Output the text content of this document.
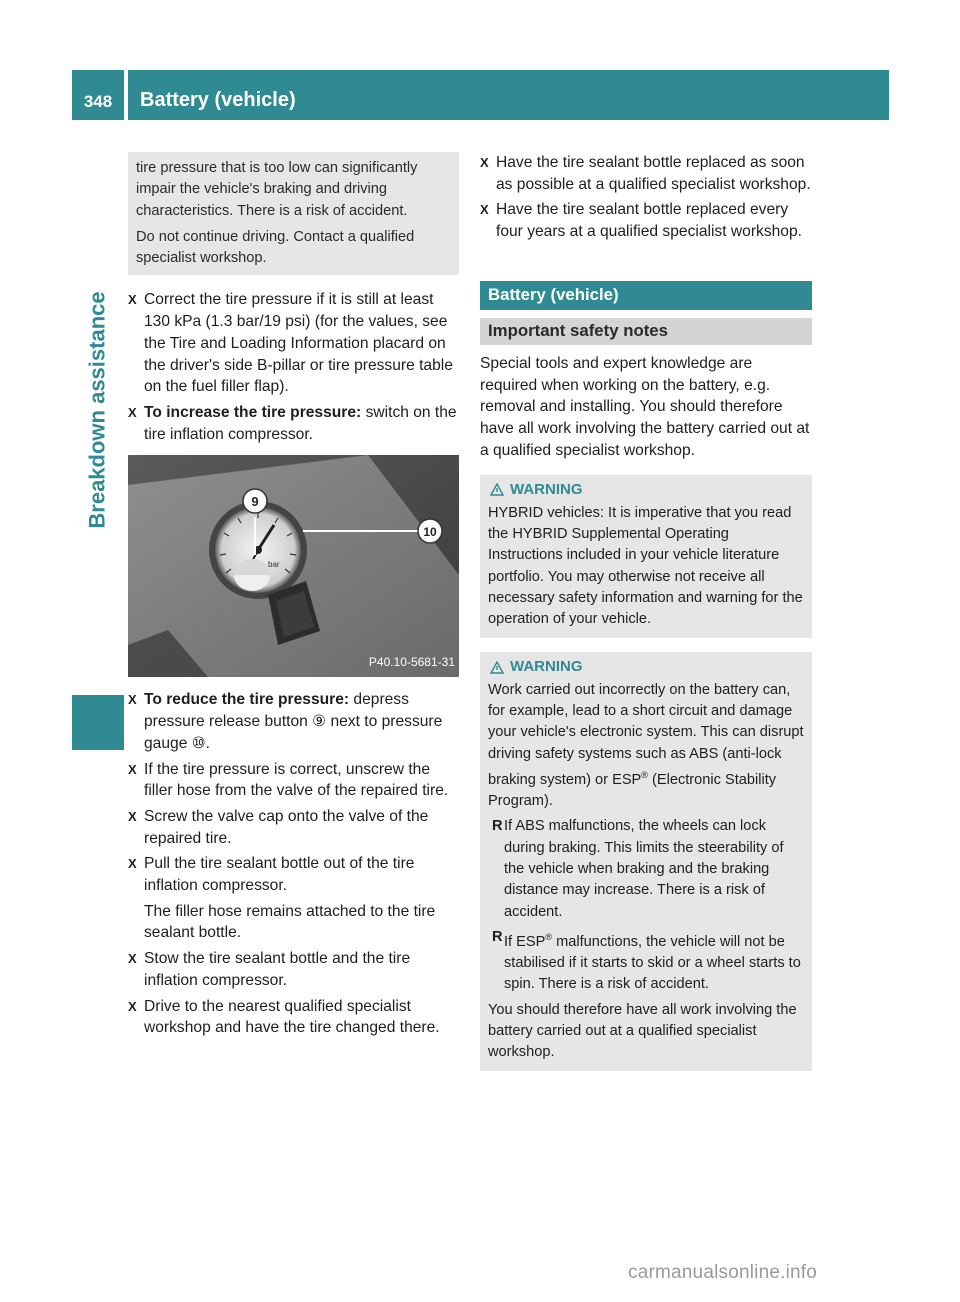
348	Battery (vehicle)
Breakdown assistance

tire pressure that is too low can significantly impair the vehicle's braking and driving characteristics. There is a risk of accident.

Do not continue driving. Contact a qualified specialist workshop.

X Correct the tire pressure if it is still at least 130 kPa (1.3 bar/19 psi) (for the values, see the Tire and Loading Information placard on the driver's side B-pillar or tire pressure table on the fuel filler flap).
X To increase the tire pressure: switch on the tire inflation compressor.
bar
9
10
P40.10-5681-31
X To reduce the tire pressure: depress pressure release button ⑨ next to pressure gauge ⑩.
X If the tire pressure is correct, unscrew the filler hose from the valve of the repaired tire.
X Screw the valve cap onto the valve of the repaired tire.
X Pull the tire sealant bottle out of the tire inflation compressor.
The filler hose remains attached to the tire sealant bottle.
X Stow the tire sealant bottle and the tire inflation compressor.
X Drive to the nearest qualified specialist workshop and have the tire changed there.
X Have the tire sealant bottle replaced as soon as possible at a qualified specialist workshop.
X Have the tire sealant bottle replaced every four years at a qualified specialist workshop.
Battery (vehicle)
Important safety notes

Special tools and expert knowledge are required when working on the battery, e.g. removal and installing. You should therefore have all work involving the battery carried out at a qualified specialist workshop.

WARNING

HYBRID vehicles: It is imperative that you read the HYBRID Supplemental Operating Instructions included in your vehicle literature portfolio. You may otherwise not receive all necessary safety information and warning for the operation of your vehicle.

WARNING

Work carried out incorrectly on the battery can, for example, lead to a short circuit and damage your vehicle's electronic system. This can disrupt driving safety systems such as ABS (anti-lock braking system) or ESP® (Electronic Stability Program).

R If ABS malfunctions, the wheels can lock during braking. This limits the steerability of the vehicle when braking and the braking distance may increase. There is a risk of accident.
R If ESP® malfunctions, the vehicle will not be stabilised if it starts to skid or a wheel starts to spin. There is a risk of accident.

You should therefore have all work involving the battery carried out at a qualified specialist workshop.

carmanualsonline.info
